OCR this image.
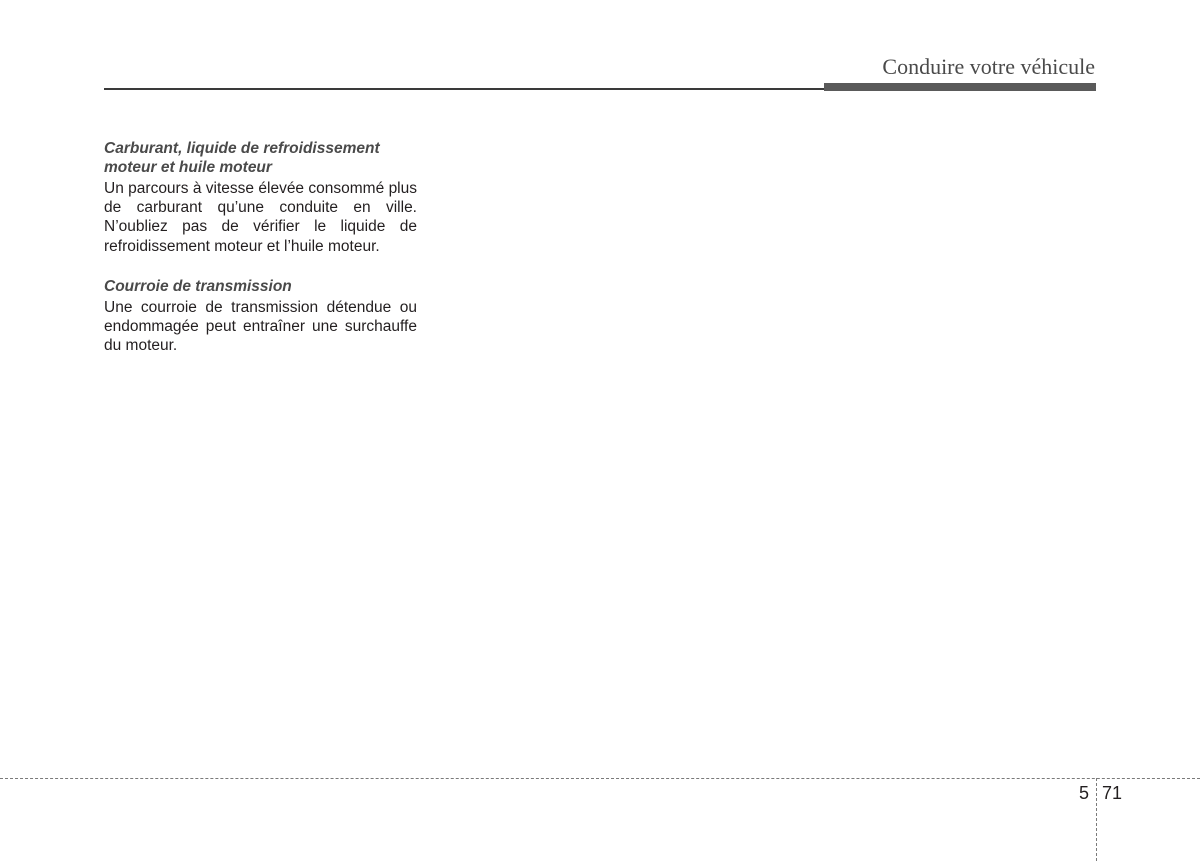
Conduire votre véhicule

Carburant, liquide de refroidissement moteur et huile moteur

Un parcours à vitesse élevée consommé plus de carburant qu’une conduite en ville. N’oubliez pas de vérifier le liquide de refroidissement moteur et l’huile moteur.

Courroie de transmission

Une courroie de transmission détendue ou endommagée peut entraîner une surchauffe du moteur.

5 71
